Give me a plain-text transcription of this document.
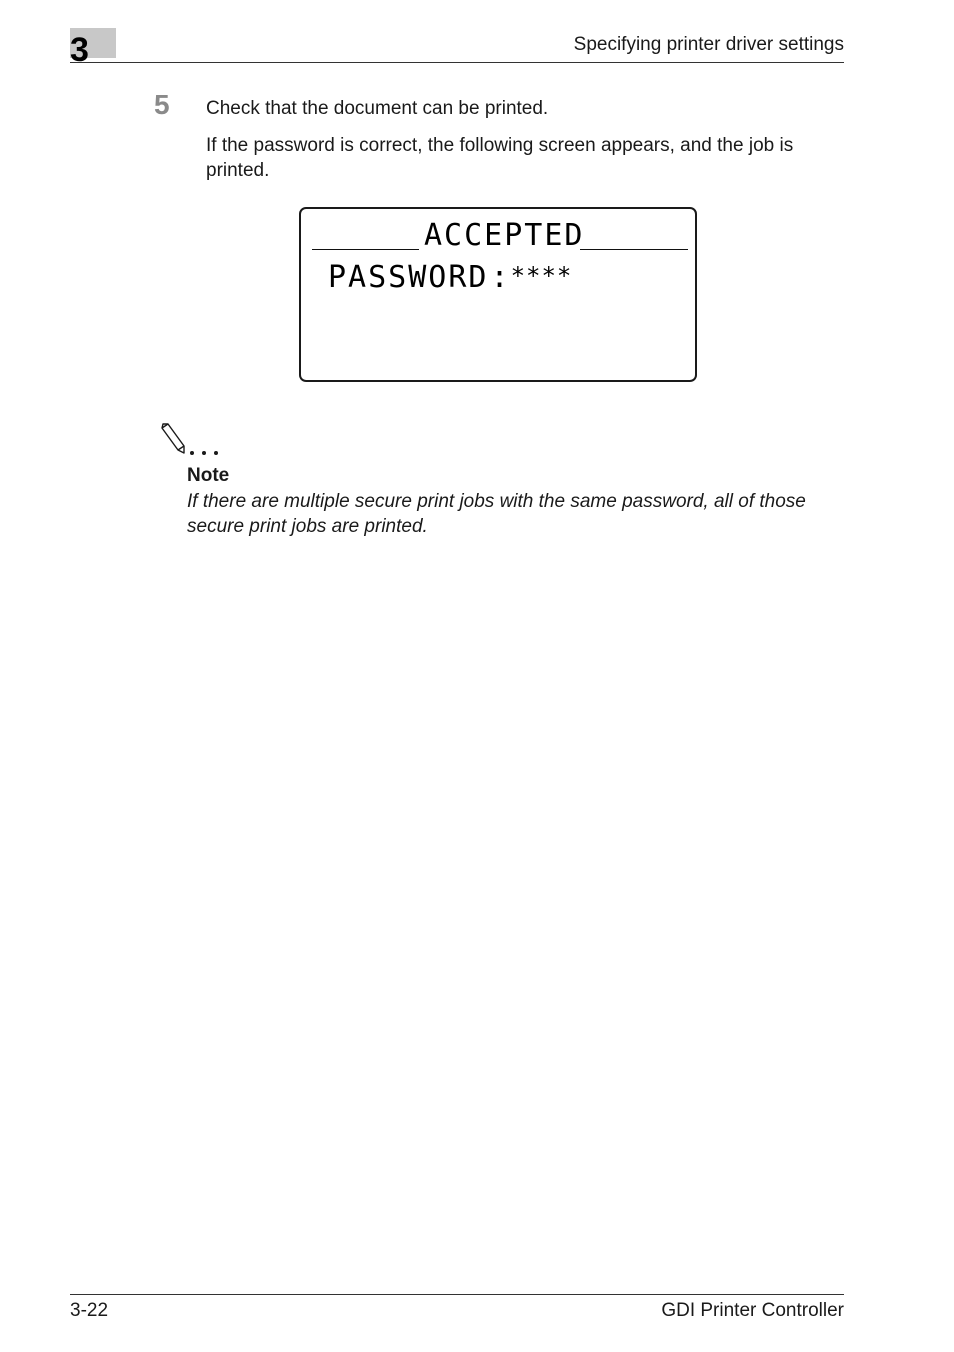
3	Specifying printer driver settings
5 Check that the document can be printed.
If the password is correct, the following screen appears, and the job is printed.
ACCEPTED
PASSWORD:****
Note
If there are multiple secure print jobs with the same password, all of those secure print jobs are printed.
3-22	GDI Printer Controller
